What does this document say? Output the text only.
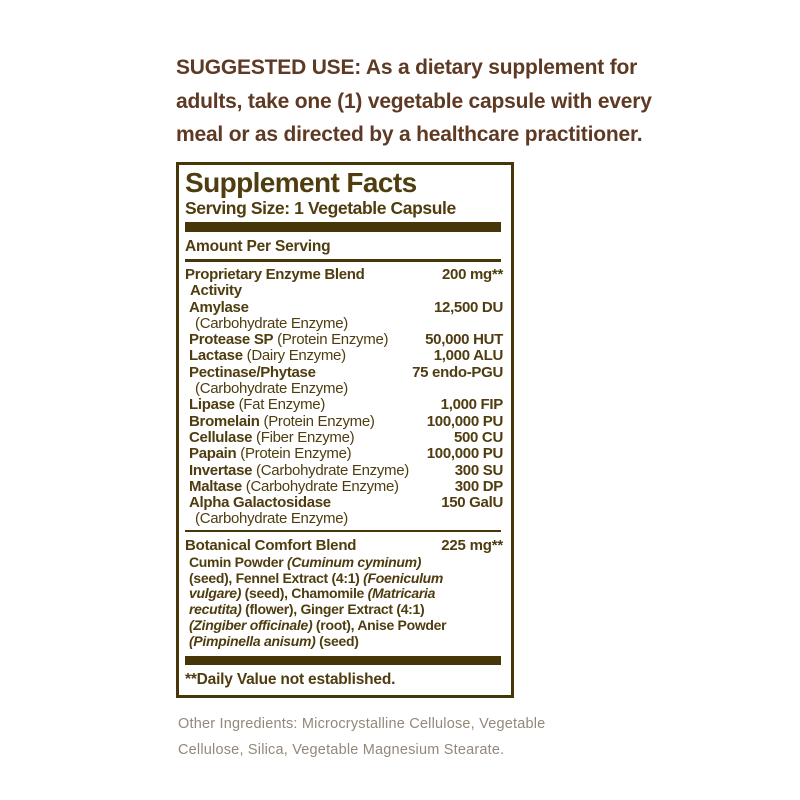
SUGGESTED USE: As a dietary supplement for
adults, take one (1) vegetable capsule with every
meal or as directed by a healthcare practitioner.
Supplement Facts
Serving Size: 1 Vegetable Capsule
Amount Per Serving
Proprietary Enzyme Blend	200 mg**
Activity
Amylase	12,500 DU
(Carbohydrate Enzyme)
Protease SP (Protein Enzyme) 50,000 HUT
Lactase (Dairy Enzyme)	1,000 ALU
Pectinase/Phytase	75 endo-PGU
(Carbohydrate Enzyme)
Lipase (Fat Enzyme)	1,000 FIP
Bromelain (Protein Enzyme)	100,000 PU
Cellulase (Fiber Enzyme)	500 CU
Papain (Protein Enzyme)	100,000 PU
Invertase (Carbohydrate Enzyme)	300 SU
Maltase (Carbohydrate Enzyme)	300 DP
Alpha Galactosidase	150 GalU
(Carbohydrate Enzyme)
Botanical Comfort Blend	225 mg**
Cumin Powder (Cuminum cyminum)
(seed), Fennel Extract (4:1) (Foeniculum
vulgare) (seed), Chamomile (Matricaria
recutita) (flower), Ginger Extract (4:1)
(Zingiber officinale) (root), Anise Powder
(Pimpinella anisum) (seed)
**Daily Value not established.
Other Ingredients: Microcrystalline Cellulose, Vegetable
Cellulose, Silica, Vegetable Magnesium Stearate.
